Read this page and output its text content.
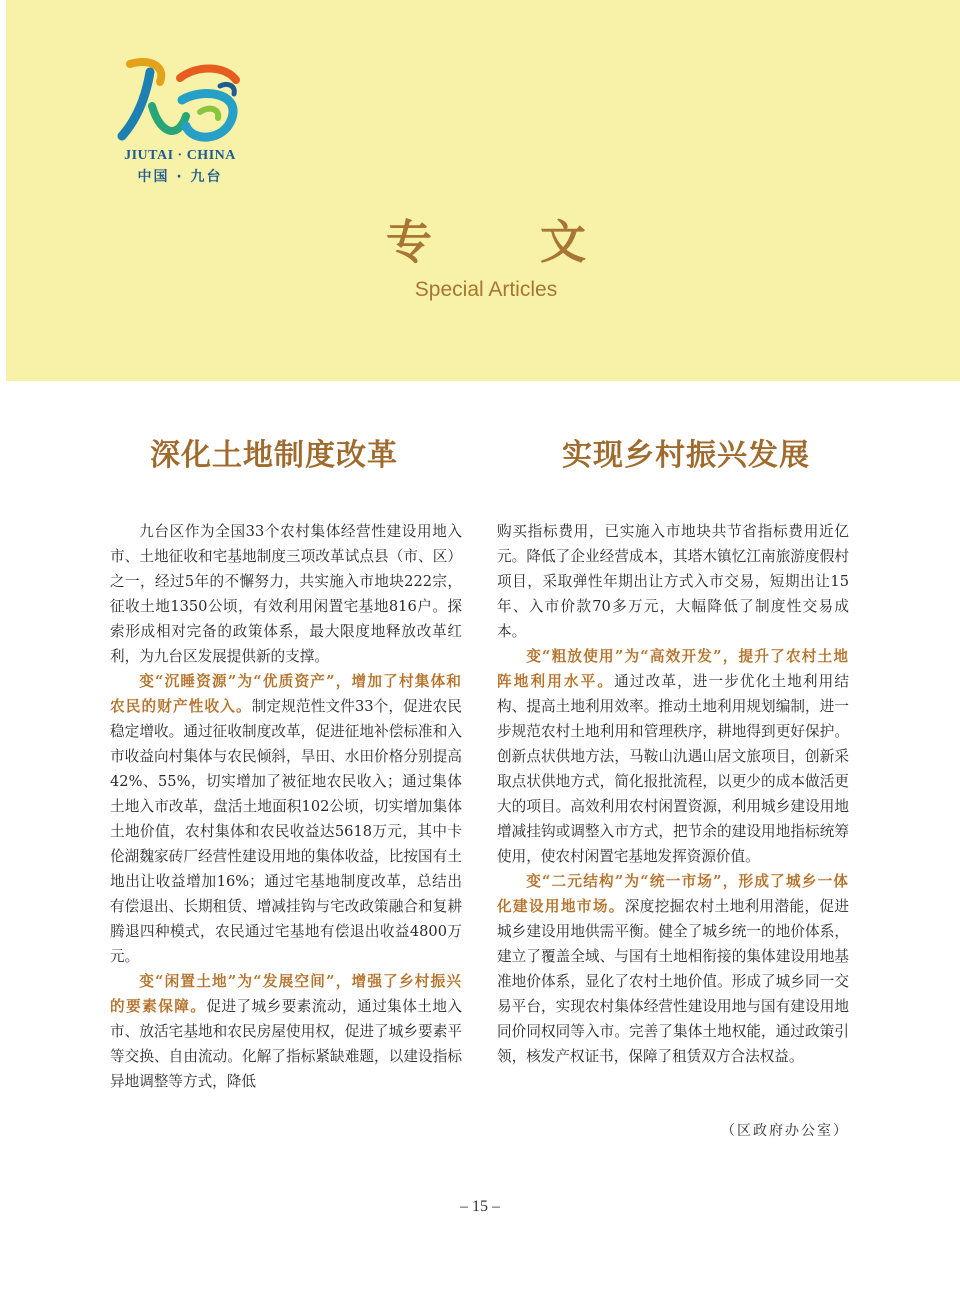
JIUTAI · CHINA
中国 · 九台
专 文
Special Articles
深化土地制度改革	实现乡村振兴发展

九台区作为全国33个农村集体经营性建设用地入市、土地征收和宅基地制度三项改革试点县（市、区）之一，经过5年的不懈努力，共实施入市地块222宗，征收土地1350公顷，有效利用闲置宅基地816户。探索形成相对完备的政策体系，最大限度地释放改革红利，为九台区发展提供新的支撑。

变“沉睡资源”为“优质资产”，增加了村集体和农民的财产性收入。制定规范性文件33个，促进农民稳定增收。通过征收制度改革，促进征地补偿标准和入市收益向村集体与农民倾斜，旱田、水田价格分别提高42%、55%，切实增加了被征地农民收入；通过集体土地入市改革，盘活土地面积102公顷，切实增加集体土地价值，农村集体和农民收益达5618万元，其中卡伦湖魏家砖厂经营性建设用地的集体收益，比按国有土地出让收益增加16%；通过宅基地制度改革，总结出有偿退出、长期租赁、增减挂钩与宅改政策融合和复耕腾退四种模式，农民通过宅基地有偿退出收益4800万元。

变“闲置土地”为“发展空间”，增强了乡村振兴的要素保障。促进了城乡要素流动，通过集体土地入市、放活宅基地和农民房屋使用权，促进了城乡要素平等交换、自由流动。化解了指标紧缺难题，以建设指标异地调整等方式，降低

购买指标费用，已实施入市地块共节省指标费用近亿元。降低了企业经营成本，其塔木镇忆江南旅游度假村项目，采取弹性年期出让方式入市交易，短期出让15年、入市价款70多万元，大幅降低了制度性交易成本。

变“粗放使用”为“高效开发”，提升了农村土地阵地利用水平。通过改革，进一步优化土地利用结构、提高土地利用效率。推动土地利用规划编制，进一步规范农村土地利用和管理秩序，耕地得到更好保护。创新点状供地方法，马鞍山氿遇山居文旅项目，创新采取点状供地方式，简化报批流程，以更少的成本做活更大的项目。高效利用农村闲置资源，利用城乡建设用地增减挂钩或调整入市方式，把节余的建设用地指标统筹使用，使农村闲置宅基地发挥资源价值。

变“二元结构”为“统一市场”，形成了城乡一体化建设用地市场。深度挖掘农村土地利用潜能，促进城乡建设用地供需平衡。健全了城乡统一的地价体系，建立了覆盖全域、与国有土地相衔接的集体建设用地基准地价体系，显化了农村土地价值。形成了城乡同一交易平台，实现农村集体经营性建设用地与国有建设用地同价同权同等入市。完善了集体土地权能，通过政策引领，核发产权证书，保障了租赁双方合法权益。

（区政府办公室）
– 15 –
